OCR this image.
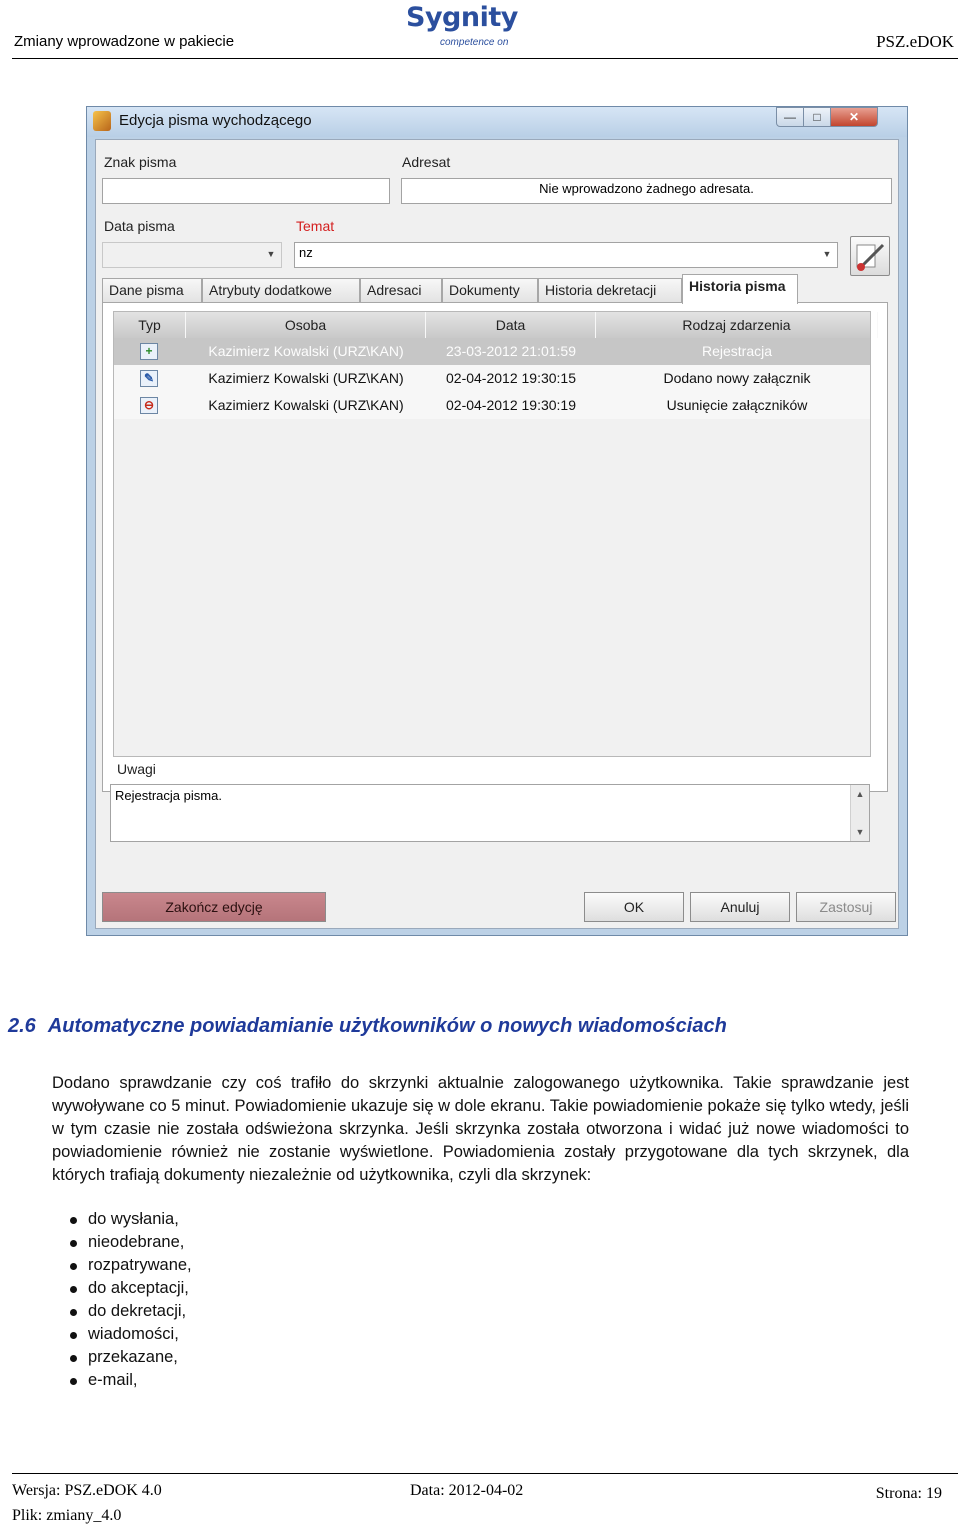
Zmiany wprowadzone w pakiecie
Sygnity
competence on	PSZ.eDOK
Edycja pisma wychodzącego	—	□	✕
Znak pisma	Adresat
Nie wprowadzono żadnego adresata.
Data pisma
▼
Temat
nz	▼
Dane pisma	Atrybuty dodatkowe	Adresaci	Dokumenty	Historia dekretacji	Historia pisma
Typ	Osoba	Data	Rodzaj zdarzenia
+	Kazimierz Kowalski (URZ\KAN)	23-03-2012 21:01:59	Rejestracja
✎	Kazimierz Kowalski (URZ\KAN)	02-04-2012 19:30:15	Dodano nowy załącznik
⊖	Kazimierz Kowalski (URZ\KAN)	02-04-2012 19:30:19	Usunięcie załączników
Uwagi
Rejestracja pisma.	▲
▼
Zakończ edycję	OK	Anuluj	Zastosuj
2.6 Automatyczne powiadamianie użytkowników o nowych wiadomościach
Dodano sprawdzanie czy coś trafiło do skrzynki aktualnie zalogowanego użytkownika. Takie sprawdzanie jest wywoływane co 5 minut. Powiadomienie ukazuje się w dole ekranu. Takie powiadomienie pokaże się tylko wtedy, jeśli w tym czasie nie została odświeżona skrzynka. Jeśli skrzynka została otworzona i widać już nowe wiadomości to powiadomienie również nie zostanie wyświetlone. Powiadomienia zostały przygotowane dla tych skrzynek, dla których trafiają dokumenty niezależnie od użytkownika, czyli dla skrzynek:
do wysłania,
nieodebrane,
rozpatrywane,
do akceptacji,
do dekretacji,
wiadomości,
przekazane,
e-mail,
Wersja: PSZ.eDOK 4.0
Plik: zmiany_4.0
Data: 2012-04-02	Strona: 19
